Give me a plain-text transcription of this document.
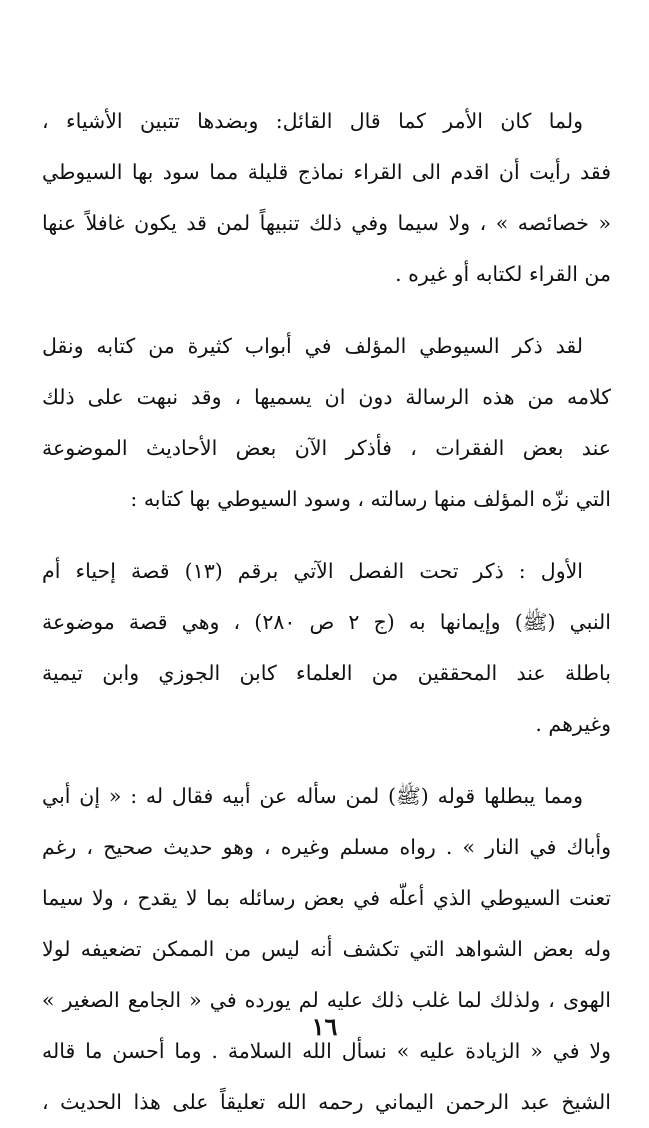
ولما كان الأمر كما قال القائل: وبضدها تتبين الأشياء ،
فقد رأيت أن اقدم الى القراء نماذج قليلة مما سود بها السيوطي
« خصائصه » ، ولا سيما وفي ذلك تنبيهاً لمن قد يكون غافلاً عنها
من القراء لكتابه أو غيره .

لقد ذكر السيوطي المؤلف في أبواب كثيرة من كتابه ونقل
كلامه من هذه الرسالة دون ان يسميها ، وقد نبهت على ذلك
عند بعض الفقرات ، فأذكر الآن بعض الأحاديث الموضوعة
التي نزّه المؤلف منها رسالته ، وسود السيوطي بها كتابه :

الأول : ذكر تحت الفصل الآتي برقم (١٣) قصة إحياء أم
النبي (ﷺ) وإيمانها به (ج ٢ ص ٢٨٠) ، وهي قصة موضوعة
باطلة عند المحققين من العلماء كابن الجوزي وابن تيمية
وغيرهم .

ومما يبطلها قوله (ﷺ) لمن سأله عن أبيه فقال له : « إن أبي
وأباك في النار » . رواه مسلم وغيره ، وهو حديث صحيح ، رغم
تعنت السيوطي الذي أعلّه في بعض رسائله بما لا يقدح ، ولا سيما
وله بعض الشواهد التي تكشف أنه ليس من الممكن تضعيفه لولا
الهوى ، ولذلك لما غلب ذلك عليه لم يورده في « الجامع الصغير »
ولا في « الزيادة عليه » نسأل الله السلامة . وما أحسن ما قاله
الشيخ عبد الرحمن اليماني رحمه الله تعليقاً على هذا الحديث ،

١٦
